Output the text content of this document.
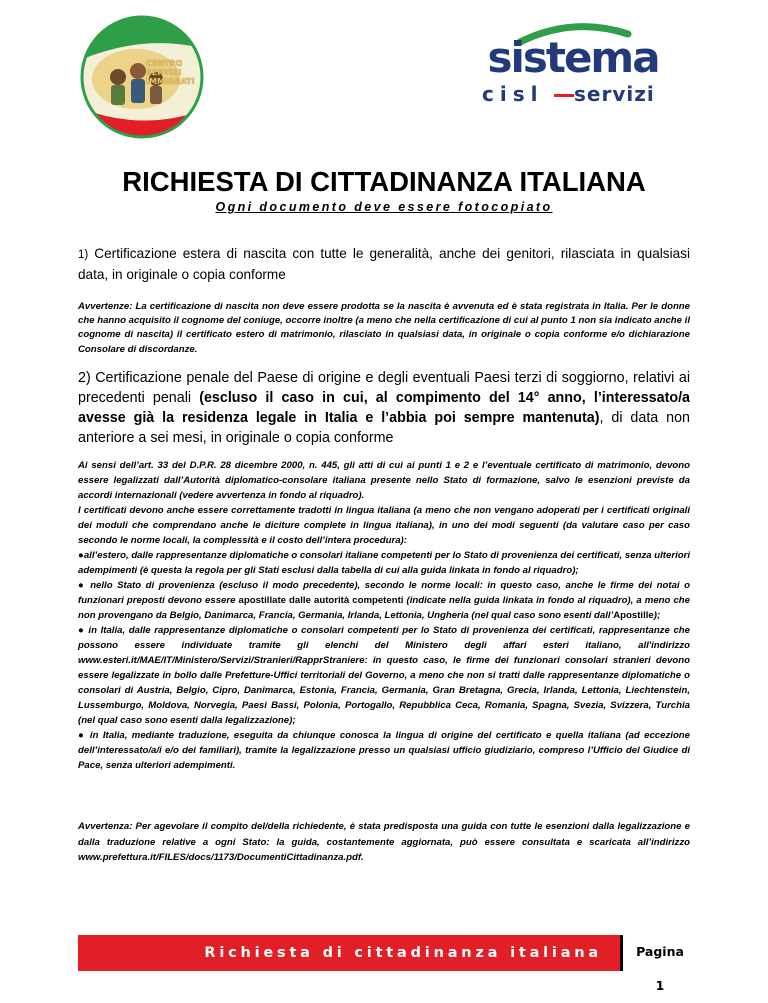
CENTRO SERVIZI IMMIGRATI	sistema
cisl servizi
RICHIESTA DI CITTADINANZA ITALIANA
Ogni documento deve essere fotocopiato
1) Certificazione estera di nascita con tutte le generalità, anche dei genitori, rilasciata in qualsiasi data, in originale o copia conforme
Avvertenze: La certificazione di nascita non deve essere prodotta se la nascita è avvenuta ed è stata registrata in Italia. Per le donne che hanno acquisito il cognome del coniuge, occorre inoltre (a meno che nella certificazione di cui al punto 1 non sia indicato anche il cognome di nascita) il certificato estero di matrimonio, rilasciato in qualsiasi data, in originale o copia conforme e/o dichiarazione Consolare di discordanze.
2) Certificazione penale del Paese di origine e degli eventuali Paesi terzi di soggiorno, relativi ai precedenti penali (escluso il caso in cui, al compimento del 14° anno, l’interessato/a avesse già la residenza legale in Italia e l’abbia poi sempre mantenuta), di data non anteriore a sei mesi, in originale o copia conforme

Ai sensi dell’art. 33 del D.P.R. 28 dicembre 2000, n. 445, gli atti di cui ai punti 1 e 2 e l’eventuale certificato di matrimonio, devono essere legalizzati dall’Autorità diplomatico-consolare italiana presente nello Stato di formazione, salvo le esenzioni previste da accordi internazionali (vedere avvertenza in fondo al riquadro).

I certificati devono anche essere correttamente tradotti in lingua italiana (a meno che non vengano adoperati per i certificati originali dei moduli che comprendano anche le diciture complete in lingua italiana), in uno dei modi seguenti (da valutare caso per caso secondo le norme locali, la complessità e il costo dell’intera procedura):

●all’estero, dalle rappresentanze diplomatiche o consolari italiane competenti per lo Stato di provenienza dei certificati, senza ulteriori adempimenti (è questa la regola per gli Stati esclusi dalla tabella di cui alla guida linkata in fondo al riquadro);

● nello Stato di provenienza (escluso il modo precedente), secondo le norme locali: in questo caso, anche le firme dei notai o funzionari preposti devono essere apostillate dalle autorità competenti (indicate nella guida linkata in fondo al riquadro), a meno che non provengano da Belgio, Danimarca, Francia, Germania, Irlanda, Lettonia, Ungheria (nel qual caso sono esenti dall’Apostille);

● in Italia, dalle rappresentanze diplomatiche o consolari competenti per lo Stato di provenienza dei certificati, rappresentanze che possono essere individuate tramite gli elenchi del Ministero degli affari esteri italiano, all'indirizzo www.esteri.it/MAE/IT/Ministero/Servizi/Stranieri/RapprStraniere: in questo caso, le firme dei funzionari consolari stranieri devono essere legalizzate in bollo dalle Prefetture-Uffici territoriali del Governo, a meno che non si tratti dalle rappresentanze diplomatiche o consolari di Austria, Belgio, Cipro, Danimarca, Estonia, Francia, Germania, Gran Bretagna, Grecia, Irlanda, Lettonia, Liechtenstein, Lussemburgo, Moldova, Norvegia, Paesi Bassi, Polonia, Portogallo, Repubblica Ceca, Romania, Spagna, Svezia, Svizzera, Turchia (nel qual caso sono esenti dalla legalizzazione);

● in Italia, mediante traduzione, eseguita da chiunque conosca la lingua di origine del certificato e quella italiana (ad eccezione dell’interessato/a/i e/o dei familiari), tramite la legalizzazione presso un qualsiasi ufficio giudiziario, compreso l’Ufficio del Giudice di Pace, senza ulteriori adempimenti.

Avvertenza: Per agevolare il compito del/della richiedente, è stata predisposta una guida con tutte le esenzioni dalla legalizzazione e dalla traduzione relative a ogni Stato: la guida, costantemente aggiornata, può essere consultata e scaricata all’indirizzo www.prefettura.it/FILES/docs/1173/DocumentiCittadinanza.pdf.

Richiesta di cittadinanza italiana	Pagina 1
